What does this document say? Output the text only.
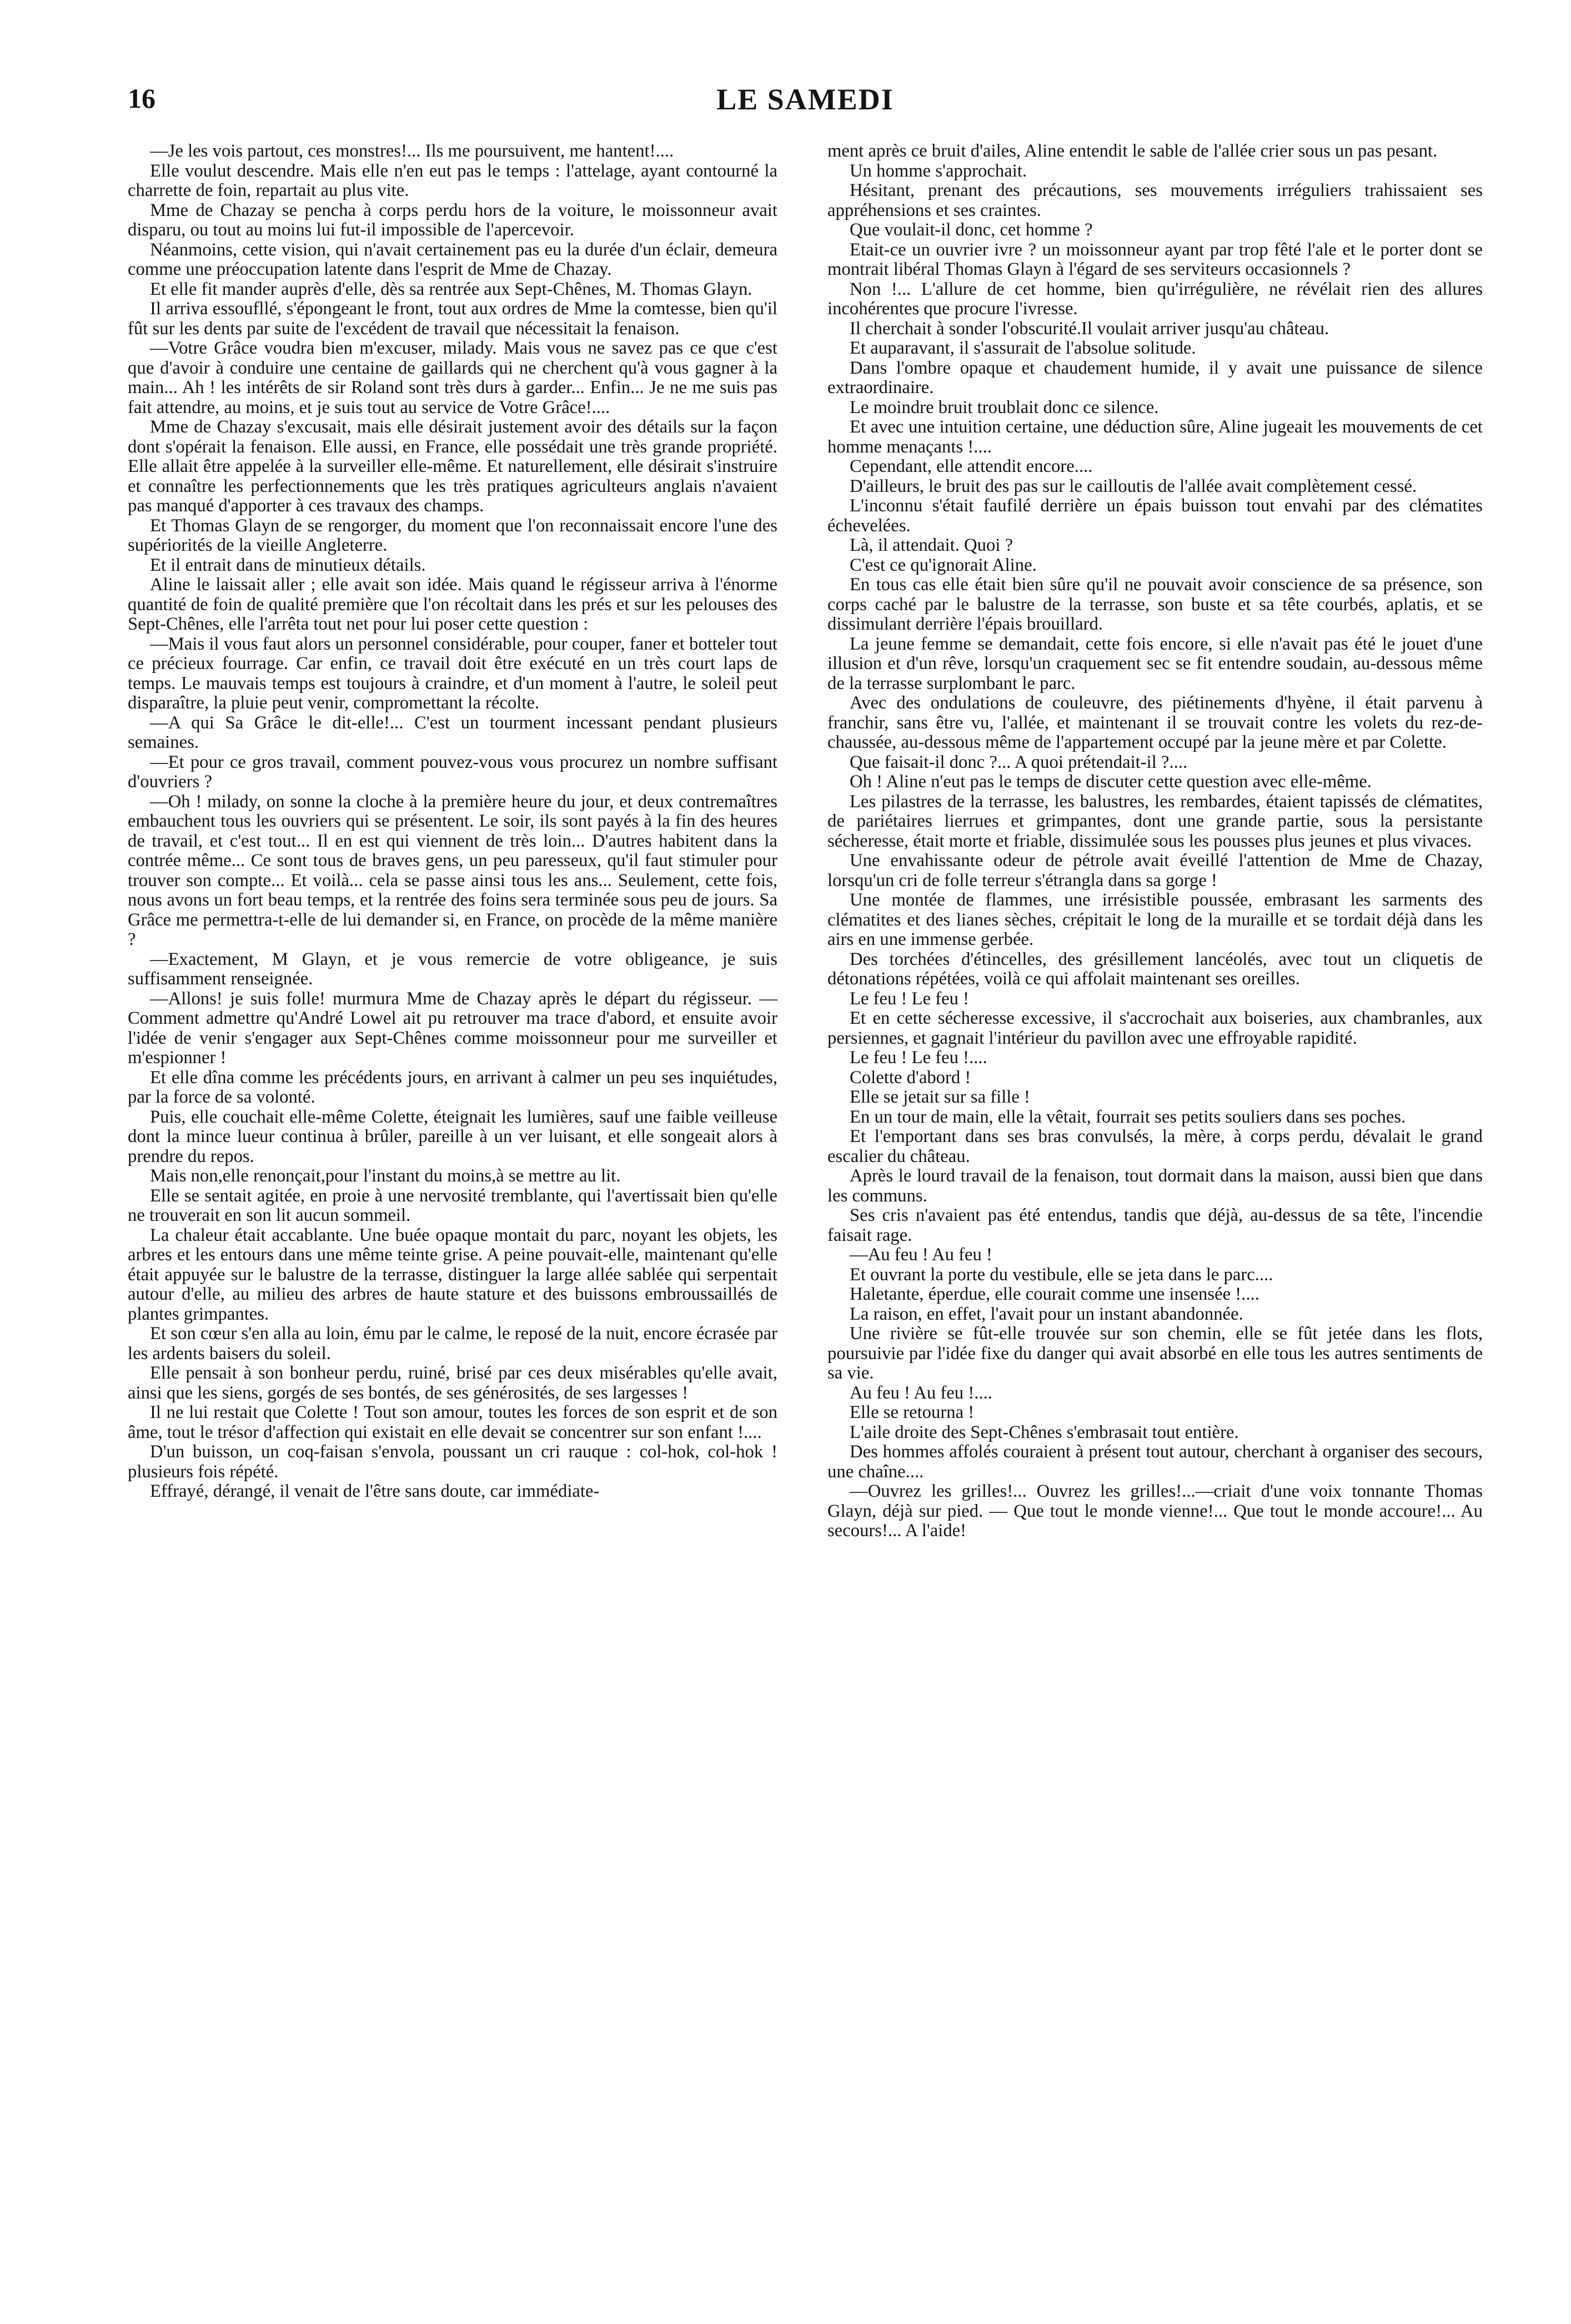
16	LE SAMEDI

—Je les vois partout, ces monstres!... Ils me poursuivent, me hantent!....

Elle voulut descendre. Mais elle n'en eut pas le temps : l'attelage, ayant contourné la charrette de foin, repartait au plus vite.

Mme de Chazay se pencha à corps perdu hors de la voiture, le moissonneur avait disparu, ou tout au moins lui fut-il impossible de l'apercevoir.

Néanmoins, cette vision, qui n'avait certainement pas eu la durée d'un éclair, demeura comme une préoccupation latente dans l'esprit de Mme de Chazay.

Et elle fit mander auprès d'elle, dès sa rentrée aux Sept-Chênes, M. Thomas Glayn.

Il arriva essoufllé, s'épongeant le front, tout aux ordres de Mme la comtesse, bien qu'il fût sur les dents par suite de l'excédent de travail que nécessitait la fenaison.

—Votre Grâce voudra bien m'excuser, milady. Mais vous ne savez pas ce que c'est que d'avoir à conduire une centaine de gaillards qui ne cherchent qu'à vous gagner à la main... Ah ! les intérêts de sir Roland sont très durs à garder... Enfin... Je ne me suis pas fait attendre, au moins, et je suis tout au service de Votre Grâce!....

Mme de Chazay s'excusait, mais elle désirait justement avoir des détails sur la façon dont s'opérait la fenaison. Elle aussi, en France, elle possédait une très grande propriété. Elle allait être appelée à la surveiller elle-même. Et naturellement, elle désirait s'instruire et connaître les perfectionnements que les très pratiques agriculteurs anglais n'avaient pas manqué d'apporter à ces travaux des champs.

Et Thomas Glayn de se rengorger, du moment que l'on reconnaissait encore l'une des supériorités de la vieille Angleterre.

Et il entrait dans de minutieux détails.

Aline le laissait aller ; elle avait son idée. Mais quand le régisseur arriva à l'énorme quantité de foin de qualité première que l'on récoltait dans les prés et sur les pelouses des Sept-Chênes, elle l'arrêta tout net pour lui poser cette question :

—Mais il vous faut alors un personnel considérable, pour couper, faner et botteler tout ce précieux fourrage. Car enfin, ce travail doit être exécuté en un très court laps de temps. Le mauvais temps est toujours à craindre, et d'un moment à l'autre, le soleil peut disparaître, la pluie peut venir, compromettant la récolte.

—A qui Sa Grâce le dit-elle!... C'est un tourment incessant pendant plusieurs semaines.

—Et pour ce gros travail, comment pouvez-vous vous procurez un nombre suffisant d'ouvriers ?

—Oh ! milady, on sonne la cloche à la première heure du jour, et deux contremaîtres embauchent tous les ouvriers qui se présentent. Le soir, ils sont payés à la fin des heures de travail, et c'est tout... Il en est qui viennent de très loin... D'autres habitent dans la contrée même... Ce sont tous de braves gens, un peu paresseux, qu'il faut stimuler pour trouver son compte... Et voilà... cela se passe ainsi tous les ans... Seulement, cette fois, nous avons un fort beau temps, et la rentrée des foins sera terminée sous peu de jours. Sa Grâce me permettra-t-elle de lui demander si, en France, on procède de la même manière ?

—Exactement, M Glayn, et je vous remercie de votre obligeance, je suis suffisamment renseignée.

—Allons! je suis folle! murmura Mme de Chazay après le départ du régisseur. — Comment admettre qu'André Lowel ait pu retrouver ma trace d'abord, et ensuite avoir l'idée de venir s'engager aux Sept-Chênes comme moissonneur pour me surveiller et m'espionner !

Et elle dîna comme les précédents jours, en arrivant à calmer un peu ses inquiétudes, par la force de sa volonté.

Puis, elle couchait elle-même Colette, éteignait les lumières, sauf une faible veilleuse dont la mince lueur continua à brûler, pareille à un ver luisant, et elle songeait alors à prendre du repos.

Mais non,elle renonçait,pour l'instant du moins,à se mettre au lit.

Elle se sentait agitée, en proie à une nervosité tremblante, qui l'avertissait bien qu'elle ne trouverait en son lit aucun sommeil.

La chaleur était accablante. Une buée opaque montait du parc, noyant les objets, les arbres et les entours dans une même teinte grise. A peine pouvait-elle, maintenant qu'elle était appuyée sur le balustre de la terrasse, distinguer la large allée sablée qui serpentait autour d'elle, au milieu des arbres de haute stature et des buissons embroussaillés de plantes grimpantes.

Et son cœur s'en alla au loin, ému par le calme, le reposé de la nuit, encore écrasée par les ardents baisers du soleil.

Elle pensait à son bonheur perdu, ruiné, brisé par ces deux misérables qu'elle avait, ainsi que les siens, gorgés de ses bontés, de ses générosités, de ses largesses !

Il ne lui restait que Colette ! Tout son amour, toutes les forces de son esprit et de son âme, tout le trésor d'affection qui existait en elle devait se concentrer sur son enfant !....

D'un buisson, un coq-faisan s'envola, poussant un cri rauque : col-hok, col-hok ! plusieurs fois répété.

Effrayé, dérangé, il venait de l'être sans doute, car immédiate-

ment après ce bruit d'ailes, Aline entendit le sable de l'allée crier sous un pas pesant.

Un homme s'approchait.

Hésitant, prenant des précautions, ses mouvements irréguliers trahissaient ses appréhensions et ses craintes.

Que voulait-il donc, cet homme ?

Etait-ce un ouvrier ivre ? un moissonneur ayant par trop fêté l'ale et le porter dont se montrait libéral Thomas Glayn à l'égard de ses serviteurs occasionnels ?

Non !... L'allure de cet homme, bien qu'irrégulière, ne révélait rien des allures incohérentes que procure l'ivresse.

Il cherchait à sonder l'obscurité.Il voulait arriver jusqu'au château.

Et auparavant, il s'assurait de l'absolue solitude.

Dans l'ombre opaque et chaudement humide, il y avait une puissance de silence extraordinaire.

Le moindre bruit troublait donc ce silence.

Et avec une intuition certaine, une déduction sûre, Aline jugeait les mouvements de cet homme menaçants !....

Cependant, elle attendit encore....

D'ailleurs, le bruit des pas sur le cailloutis de l'allée avait complètement cessé.

L'inconnu s'était faufilé derrière un épais buisson tout envahi par des clématites échevelées.

Là, il attendait. Quoi ?

C'est ce qu'ignorait Aline.

En tous cas elle était bien sûre qu'il ne pouvait avoir conscience de sa présence, son corps caché par le balustre de la terrasse, son buste et sa tête courbés, aplatis, et se dissimulant derrière l'épais brouillard.

La jeune femme se demandait, cette fois encore, si elle n'avait pas été le jouet d'une illusion et d'un rêve, lorsqu'un craquement sec se fit entendre soudain, au-dessous même de la terrasse surplombant le parc.

Avec des ondulations de couleuvre, des piétinements d'hyène, il était parvenu à franchir, sans être vu, l'allée, et maintenant il se trouvait contre les volets du rez-de-chaussée, au-dessous même de l'appartement occupé par la jeune mère et par Colette.

Que faisait-il donc ?... A quoi prétendait-il ?....

Oh ! Aline n'eut pas le temps de discuter cette question avec elle-même.

Les pilastres de la terrasse, les balustres, les rembardes, étaient tapissés de clématites, de pariétaires lierrues et grimpantes, dont une grande partie, sous la persistante sécheresse, était morte et friable, dissimulée sous les pousses plus jeunes et plus vivaces.

Une envahissante odeur de pétrole avait éveillé l'attention de Mme de Chazay, lorsqu'un cri de folle terreur s'étrangla dans sa gorge !

Une montée de flammes, une irrésistible poussée, embrasant les sarments des clématites et des lianes sèches, crépitait le long de la muraille et se tordait déjà dans les airs en une immense gerbée.

Des torchées d'étincelles, des grésillement lancéolés, avec tout un cliquetis de détonations répétées, voilà ce qui affolait maintenant ses oreilles.

Le feu ! Le feu !

Et en cette sécheresse excessive, il s'accrochait aux boiseries, aux chambranles, aux persiennes, et gagnait l'intérieur du pavillon avec une effroyable rapidité.

Le feu ! Le feu !....

Colette d'abord !

Elle se jetait sur sa fille !

En un tour de main, elle la vêtait, fourrait ses petits souliers dans ses poches.

Et l'emportant dans ses bras convulsés, la mère, à corps perdu, dévalait le grand escalier du château.

Après le lourd travail de la fenaison, tout dormait dans la maison, aussi bien que dans les communs.

Ses cris n'avaient pas été entendus, tandis que déjà, au-dessus de sa tête, l'incendie faisait rage.

—Au feu ! Au feu !

Et ouvrant la porte du vestibule, elle se jeta dans le parc....

Haletante, éperdue, elle courait comme une insensée !....

La raison, en effet, l'avait pour un instant abandonnée.

Une rivière se fût-elle trouvée sur son chemin, elle se fût jetée dans les flots, poursuivie par l'idée fixe du danger qui avait absorbé en elle tous les autres sentiments de sa vie.

Au feu ! Au feu !....

Elle se retourna !

L'aile droite des Sept-Chênes s'embrasait tout entière.

Des hommes affolés couraient à présent tout autour, cherchant à organiser des secours, une chaîne....

—Ouvrez les grilles!... Ouvrez les grilles!...—criait d'une voix tonnante Thomas Glayn, déjà sur pied. — Que tout le monde vienne!... Que tout le monde accoure!... Au secours!... A l'aide!
